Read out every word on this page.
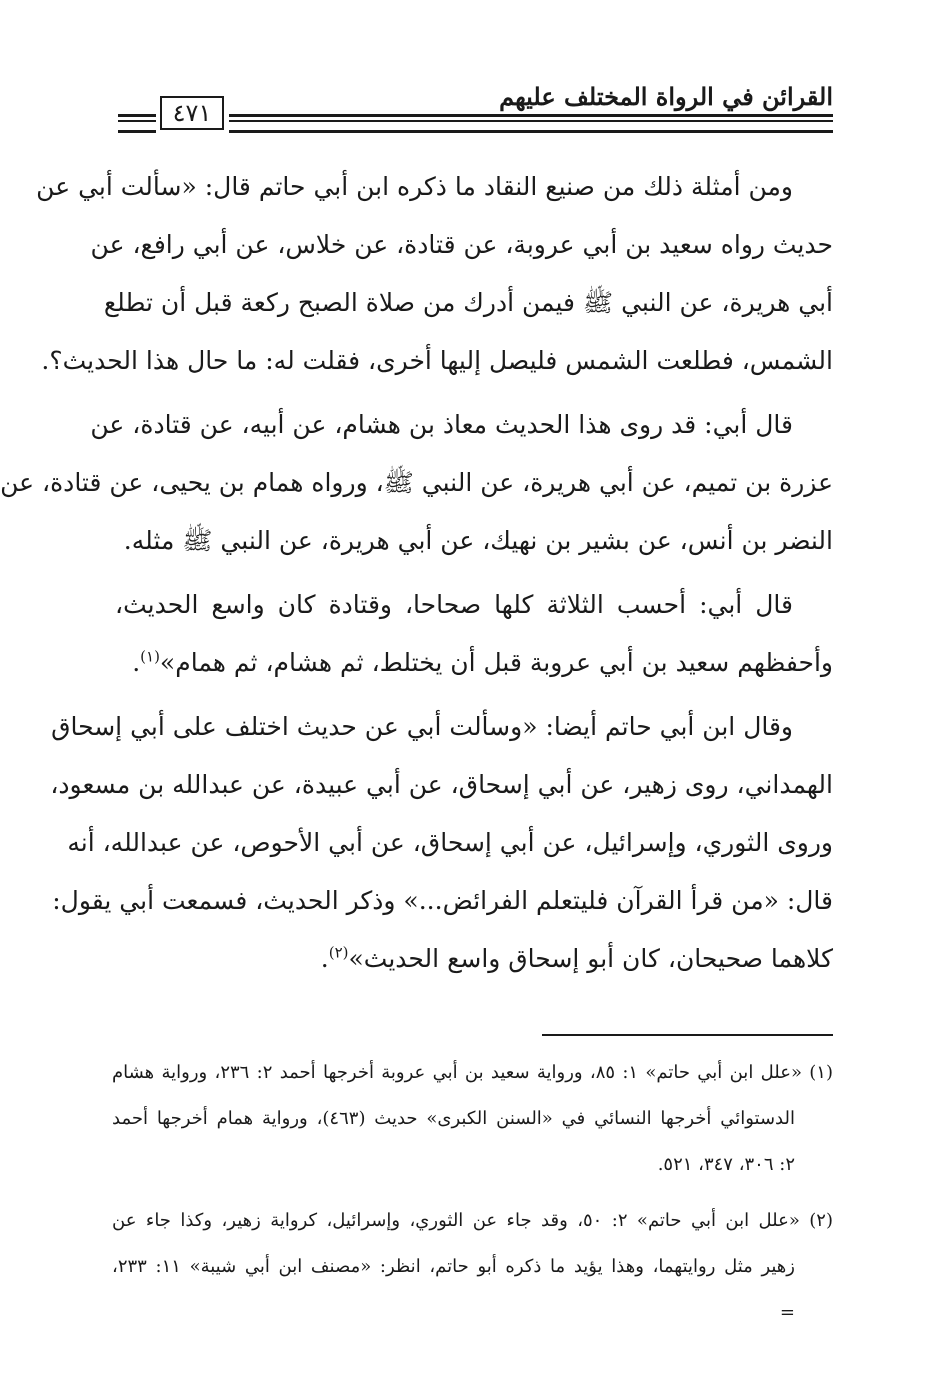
القرائن في الرواة المختلف عليهم
٤٧١
ومن أمثلة ذلك من صنيع النقاد ما ذكره ابن أبي حاتم قال: «سألت أبي عن
حديث رواه سعيد بن أبي عروبة، عن قتادة، عن خلاس، عن أبي رافع، عن
أبي هريرة، عن النبي ﷺ فيمن أدرك من صلاة الصبح ركعة قبل أن تطلع
الشمس، فطلعت الشمس فليصل إليها أخرى، فقلت له: ما حال هذا الحديث؟.
قال أبي: قد روى هذا الحديث معاذ بن هشام، عن أبيه، عن قتادة، عن
عزرة بن تميم، عن أبي هريرة، عن النبي ﷺ، ورواه همام بن يحيى، عن قتادة، عن
النضر بن أنس، عن بشير بن نهيك، عن أبي هريرة، عن النبي ﷺ مثله.
قال أبي: أحسب الثلاثة كلها صحاحا، وقتادة كان واسع الحديث،
وأحفظهم سعيد بن أبي عروبة قبل أن يختلط، ثم هشام، ثم همام»$^{(١)}$.
وقال ابن أبي حاتم أيضا: «وسألت أبي عن حديث اختلف على أبي إسحاق
الهمداني، روى زهير، عن أبي إسحاق، عن أبي عبيدة، عن عبدالله بن مسعود،
وروى الثوري، وإسرائيل، عن أبي إسحاق، عن أبي الأحوص، عن عبدالله، أنه
قال: «من قرأ القرآن فليتعلم الفرائض...» وذكر الحديث، فسمعت أبي يقول:
كلاهما صحيحان، كان أبو إسحاق واسع الحديث»$^{(٢)}$.
(١) «علل ابن أبي حاتم» ١: ٨٥، ورواية سعيد بن أبي عروبة أخرجها أحمد ٢: ٢٣٦، ورواية هشام
الدستوائي أخرجها النسائي في «السنن الكبرى» حديث (٤٦٣)، ورواية همام أخرجها أحمد
٢: ٣٠٦، ٣٤٧، ٥٢١.
(٢) «علل ابن أبي حاتم» ٢: ٥٠، وقد جاء عن الثوري، وإسرائيل، كرواية زهير، وكذا جاء عن
زهير مثل روايتهما، وهذا يؤيد ما ذكره أبو حاتم، انظر: «مصنف ابن أبي شيبة» ١١: ٢٣٣،
=
